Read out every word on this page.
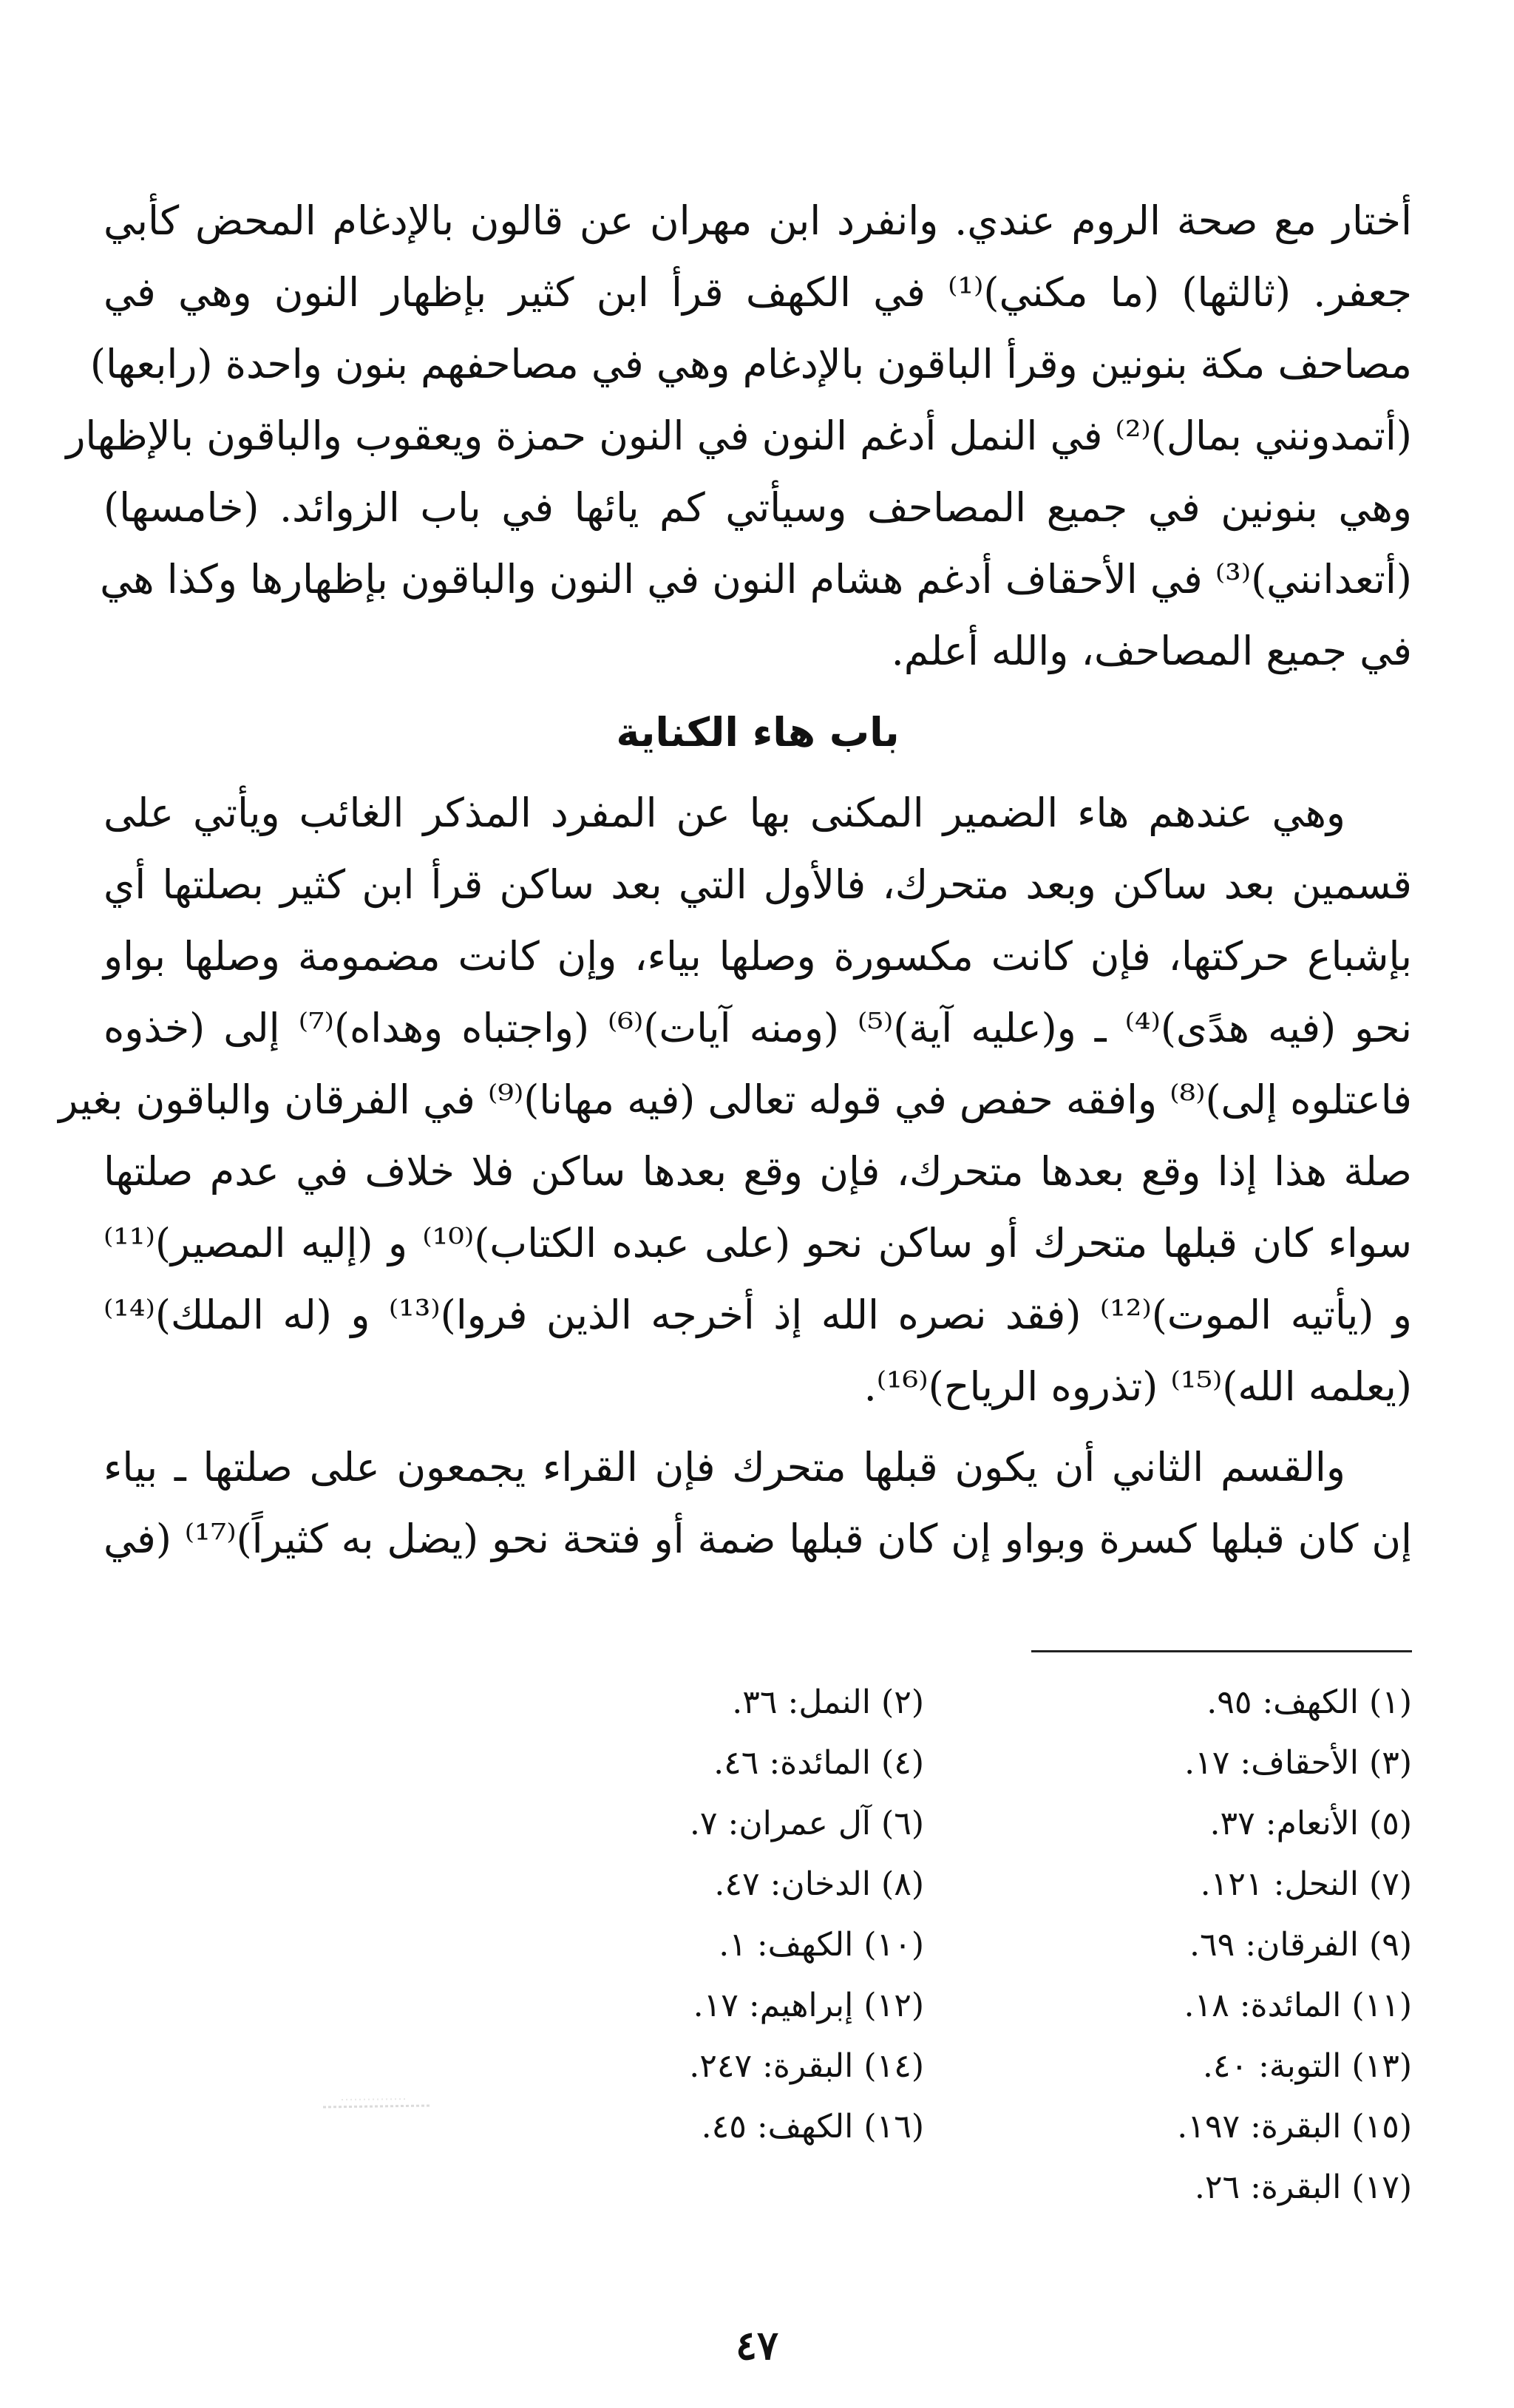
أختار مع صحة الروم عندي. وانفرد ابن مهران عن قالون بالإدغام المحض كأبي
جعفر. (ثالثها) (ما مكني)⁽¹⁾ في الكهف قرأ ابن كثير بإظهار النون وهي في
مصاحف مكة بنونين وقرأ الباقون بالإدغام وهي في مصاحفهم بنون واحدة (رابعها)
(أتمدونني بمال)⁽²⁾ في النمل أدغم النون في النون حمزة ويعقوب والباقون بالإظهار
وهي بنونين في جميع المصاحف وسيأتي كم يائها في باب الزوائد. (خامسها)
(أتعدانني)⁽³⁾ في الأحقاف أدغم هشام النون في النون والباقون بإظهارها وكذا هي
في جميع المصاحف، والله أعلم.

باب هاء الكناية

وهي عندهم هاء الضمير المكنى بها عن المفرد المذكر الغائب ويأتي على
قسمين بعد ساكن وبعد متحرك، فالأول التي بعد ساكن قرأ ابن كثير بصلتها أي
بإشباع حركتها، فإن كانت مكسورة وصلها بياء، وإن كانت مضمومة وصلها بواو
نحو (فيه هدًى)⁽⁴⁾ ـ و(عليه آية)⁽⁵⁾ (ومنه آيات)⁽⁶⁾ (واجتباه وهداه)⁽⁷⁾ إلى (خذوه
فاعتلوه إلى)⁽⁸⁾ وافقه حفص في قوله تعالى (فيه مهانا)⁽⁹⁾ في الفرقان والباقون بغير
صلة هذا إذا وقع بعدها متحرك، فإن وقع بعدها ساكن فلا خلاف في عدم صلتها
سواء كان قبلها متحرك أو ساكن نحو (على عبده الكتاب)⁽¹⁰⁾ و (إليه المصير)⁽¹¹⁾
و (يأتيه الموت)⁽¹²⁾ (فقد نصره الله إذ أخرجه الذين فروا)⁽¹³⁾ و (له الملك)⁽¹⁴⁾
(يعلمه الله)⁽¹⁵⁾ (تذروه الرياح)⁽¹⁶⁾.

والقسم الثاني أن يكون قبلها متحرك فإن القراء يجمعون على صلتها ـ بياء
إن كان قبلها كسرة وبواو إن كان قبلها ضمة أو فتحة نحو (يضل به كثيراً)⁽¹⁷⁾ (في

(١) الكهف: ٩٥.
(٢) النمل: ٣٦.
(٣) الأحقاف: ١٧.
(٤) المائدة: ٤٦.
(٥) الأنعام: ٣٧.
(٦) آل عمران: ٧.
(٧) النحل: ١٢١.
(٨) الدخان: ٤٧.
(٩) الفرقان: ٦٩.
(١٠) الكهف: ١.
(١١) المائدة: ١٨.
(١٢) إبراهيم: ١٧.
(١٣) التوبة: ٤٠.
(١٤) البقرة: ٢٤٧.
(١٥) البقرة: ١٩٧.
(١٦) الكهف: ٤٥.
(١٧) البقرة: ٢٦.
٤٧
